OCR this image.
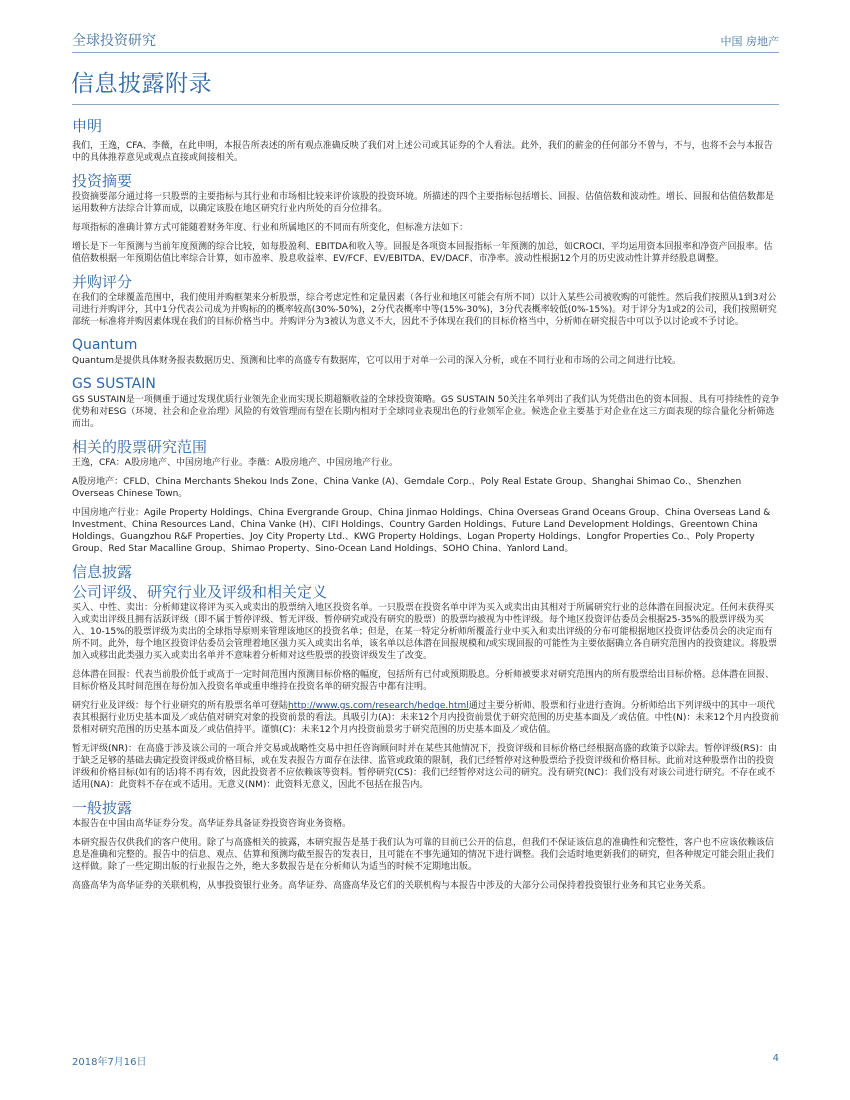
全球投资研究	中国 房地产
信息披露附录
申明

我们，王逸，CFA、李薇，在此申明，本报告所表述的所有观点准确反映了我们对上述公司或其证券的个人看法。此外，我们的薪金的任何部分不曾与，不与，也将不会与本报告中的具体推荐意见或观点直接或间接相关。

投资摘要

投资摘要部分通过将一只股票的主要指标与其行业和市场相比较来评价该股的投资环境。所描述的四个主要指标包括增长、回报、估值倍数和波动性。增长、回报和估值倍数都是运用数种方法综合计算而成，以确定该股在地区研究行业内所处的百分位排名。

每项指标的准确计算方式可能随着财务年度、行业和所属地区的不同而有所变化，但标准方法如下：

增长是下一年预测与当前年度预测的综合比较，如每股盈利、EBITDA和收入等。回报是各项资本回报指标一年预测的加总，如CROCI、平均运用资本回报率和净资产回报率。估值倍数根据一年预期估值比率综合计算，如市盈率、股息收益率、EV/FCF、EV/EBITDA、EV/DACF、市净率。波动性根据12个月的历史波动性计算并经股息调整。

并购评分

在我们的全球覆盖范围中，我们使用并购框架来分析股票，综合考虑定性和定量因素（各行业和地区可能会有所不同）以计入某些公司被收购的可能性。然后我们按照从1到3对公司进行并购评分，其中1分代表公司成为并购标的的概率较高(30%-50%)，2分代表概率中等(15%-30%)，3分代表概率较低(0%-15%)。对于评分为1或2的公司，我们按照研究部统一标准将并购因素体现在我们的目标价格当中。并购评分为3被认为意义不大，因此不予体现在我们的目标价格当中，分析师在研究报告中可以予以讨论或不予讨论。

Quantum

Quantum是提供具体财务报表数据历史、预测和比率的高盛专有数据库，它可以用于对单一公司的深入分析，或在不同行业和市场的公司之间进行比较。

GS SUSTAIN

GS SUSTAIN是一项侧重于通过发现优质行业领先企业而实现长期超额收益的全球投资策略。GS SUSTAIN 50关注名单列出了我们认为凭借出色的资本回报、具有可持续性的竞争优势和对ESG（环境、社会和企业治理）风险的有效管理而有望在长期内相对于全球同业表现出色的行业领军企业。候选企业主要基于对企业在这三方面表现的综合量化分析筛选而出。

相关的股票研究范围

王逸，CFA：A股房地产、中国房地产行业。李薇：A股房地产、中国房地产行业。

A股房地产：CFLD、China Merchants Shekou Inds Zone、China Vanke (A)、Gemdale Corp.、Poly Real Estate Group、Shanghai Shimao Co.、Shenzhen Overseas Chinese Town。

中国房地产行业：Agile Property Holdings、China Evergrande Group、China Jinmao Holdings、China Overseas Grand Oceans Group、China Overseas Land & Investment、China Resources Land、China Vanke (H)、CIFI Holdings、Country Garden Holdings、Future Land Development Holdings、Greentown China Holdings、Guangzhou R&F Properties、Joy City Property Ltd.、KWG Property Holdings、Logan Property Holdings、Longfor Properties Co.、Poly Property Group、Red Star Macalline Group、Shimao Property、Sino-Ocean Land Holdings、SOHO China、Yanlord Land。

信息披露
公司评级、研究行业及评级和相关定义

买入、中性、卖出：分析师建议将评为买入或卖出的股票纳入地区投资名单。一只股票在投资名单中评为买入或卖出由其相对于所属研究行业的总体潜在回报决定。任何未获得买入或卖出评级且拥有活跃评级（即不属于暂停评级、暂无评级、暂停研究或没有研究的股票）的股票均被视为中性评级。每个地区投资评估委员会根据25-35%的股票评级为买入、10-15%的股票评级为卖出的全球指导原则来管理该地区的投资名单；但是，在某一特定分析师所覆盖行业中买入和卖出评级的分布可能根据地区投资评估委员会的决定而有所不同。此外，每个地区投资评估委员会管理着地区强力买入或卖出名单，该名单以总体潜在回报规模和/或实现回报的可能性为主要依据确立各自研究范围内的投资建议。将股票加入或移出此类强力买入或卖出名单并不意味着分析师对这些股票的投资评级发生了改变。

总体潜在回报：代表当前股价低于或高于一定时间范围内预测目标价格的幅度，包括所有已付或预期股息。分析师被要求对研究范围内的所有股票给出目标价格。总体潜在回报、目标价格及其时间范围在每份加入投资名单或重申维持在投资名单的研究报告中都有注明。

研究行业及评级：每个行业研究的所有股票名单可登陆http://www.gs.com/research/hedge.html通过主要分析师、股票和行业进行查询。分析师给出下列评级中的其中一项代表其根据行业历史基本面及／或估值对研究对象的投资前景的看法。具吸引力(A)：未来12个月内投资前景优于研究范围的历史基本面及／或估值。中性(N)：未来12个月内投资前景相对研究范围的历史基本面及／或估值持平。谨慎(C)：未来12个月内投资前景劣于研究范围的历史基本面及／或估值。

暂无评级(NR)：在高盛于涉及该公司的一项合并交易或战略性交易中担任咨询顾问时并在某些其他情况下，投资评级和目标价格已经根据高盛的政策予以除去。暂停评级(RS)：由于缺乏足够的基础去确定投资评级或价格目标，或在发表报告方面存在法律、监管或政策的限制，我们已经暂停对这种股票给予投资评级和价格目标。此前对这种股票作出的投资评级和价格目标(如有的话)将不再有效，因此投资者不应依赖该等资料。暂停研究(CS)：我们已经暂停对这公司的研究。没有研究(NC)：我们没有对该公司进行研究。不存在或不适用(NA)：此资料不存在或不适用。无意义(NM)：此资料无意义，因此不包括在报告内。

一般披露

本报告在中国由高华证券分发。高华证券具备证券投资咨询业务资格。

本研究报告仅供我们的客户使用。除了与高盛相关的披露，本研究报告是基于我们认为可靠的目前已公开的信息，但我们不保证该信息的准确性和完整性，客户也不应该依赖该信息是准确和完整的。报告中的信息、观点、估算和预测均截至报告的发表日，且可能在不事先通知的情况下进行调整。我们会适时地更新我们的研究，但各种规定可能会阻止我们这样做。除了一些定期出版的行业报告之外，绝大多数报告是在分析师认为适当的时候不定期地出版。

高盛高华为高华证券的关联机构，从事投资银行业务。高华证券、高盛高华及它们的关联机构与本报告中涉及的大部分公司保持着投资银行业务和其它业务关系。

2018年7月16日	4
